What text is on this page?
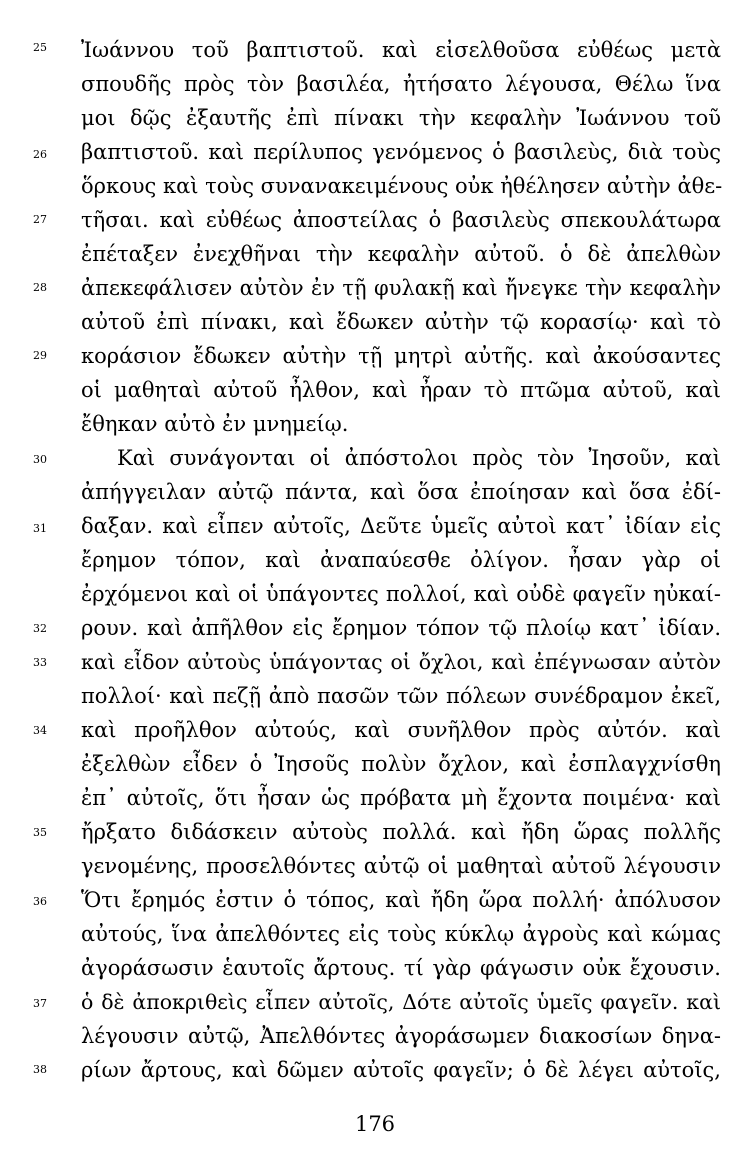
25
26
27
28
29
30
31
32
33
34
35
36
37
38
Ἰωάννου τοῦ βαπτιστοῦ. καὶ εἰσελθοῦσα εὐθέως μετὰ
σπουδῆς πρὸς τὸν βασιλέα, ἠτήσατο λέγουσα, Θέλω ἵνα
μοι δῷς ἐξαυτῆς ἐπὶ πίνακι τὴν κεφαλὴν Ἰωάννου τοῦ
βαπτιστοῦ. καὶ περίλυπος γενόμενος ὁ βασιλεὺς, διὰ τοὺς
ὅρκους καὶ τοὺς συνανακειμένους οὐκ ἠθέλησεν αὐτὴν ἀθε-
τῆσαι. καὶ εὐθέως ἀποστείλας ὁ βασιλεὺς σπεκουλάτωρα
ἐπέταξεν ἐνεχθῆναι τὴν κεφαλὴν αὐτοῦ. ὁ δὲ ἀπελθὼν
ἀπεκεφάλισεν αὐτὸν ἐν τῇ φυλακῇ καὶ ἤνεγκε τὴν κεφαλὴν
αὐτοῦ ἐπὶ πίνακι, καὶ ἔδωκεν αὐτὴν τῷ κορασίῳ· καὶ τὸ
κοράσιον ἔδωκεν αὐτὴν τῇ μητρὶ αὐτῆς. καὶ ἀκούσαντες
οἱ μαθηταὶ αὐτοῦ ἦλθον, καὶ ἦραν τὸ πτῶμα αὐτοῦ, καὶ
ἔθηκαν αὐτὸ ἐν μνημείῳ.
Καὶ συνάγονται οἱ ἀπόστολοι πρὸς τὸν Ἰησοῦν, καὶ
ἀπήγγειλαν αὐτῷ πάντα, καὶ ὅσα ἐποίησαν καὶ ὅσα ἐδί-
δαξαν. καὶ εἶπεν αὐτοῖς, Δεῦτε ὑμεῖς αὐτοὶ κατ᾽ ἰδίαν εἰς
ἔρημον τόπον, καὶ ἀναπαύεσθε ὀλίγον. ἦσαν γὰρ οἱ
ἐρχόμενοι καὶ οἱ ὑπάγοντες πολλοί, καὶ οὐδὲ φαγεῖν ηὐκαί-
ρουν. καὶ ἀπῆλθον εἰς ἔρημον τόπον τῷ πλοίῳ κατ᾽ ἰδίαν.
καὶ εἶδον αὐτοὺς ὑπάγοντας οἱ ὄχλοι, καὶ ἐπέγνωσαν αὐτὸν
πολλοί· καὶ πεζῇ ἀπὸ πασῶν τῶν πόλεων συνέδραμον ἐκεῖ,
καὶ προῆλθον αὐτούς, καὶ συνῆλθον πρὸς αὐτόν. καὶ
ἐξελθὼν εἶδεν ὁ Ἰησοῦς πολὺν ὄχλον, καὶ ἐσπλαγχνίσθη
ἐπ᾽ αὐτοῖς, ὅτι ἦσαν ὡς πρόβατα μὴ ἔχοντα ποιμένα· καὶ
ἤρξατο διδάσκειν αὐτοὺς πολλά. καὶ ἤδη ὥρας πολλῆς
γενομένης, προσελθόντες αὐτῷ οἱ μαθηταὶ αὐτοῦ λέγουσιν
Ὅτι ἔρημός ἐστιν ὁ τόπος, καὶ ἤδη ὥρα πολλή· ἀπόλυσον
αὐτούς, ἵνα ἀπελθόντες εἰς τοὺς κύκλῳ ἀγροὺς καὶ κώμας
ἀγοράσωσιν ἑαυτοῖς ἄρτους. τί γὰρ φάγωσιν οὐκ ἔχουσιν.
ὁ δὲ ἀποκριθεὶς εἶπεν αὐτοῖς, Δότε αὐτοῖς ὑμεῖς φαγεῖν. καὶ
λέγουσιν αὐτῷ, Ἀπελθόντες ἀγοράσωμεν διακοσίων δηνα-
ρίων ἄρτους, καὶ δῶμεν αὐτοῖς φαγεῖν; ὁ δὲ λέγει αὐτοῖς,
176
